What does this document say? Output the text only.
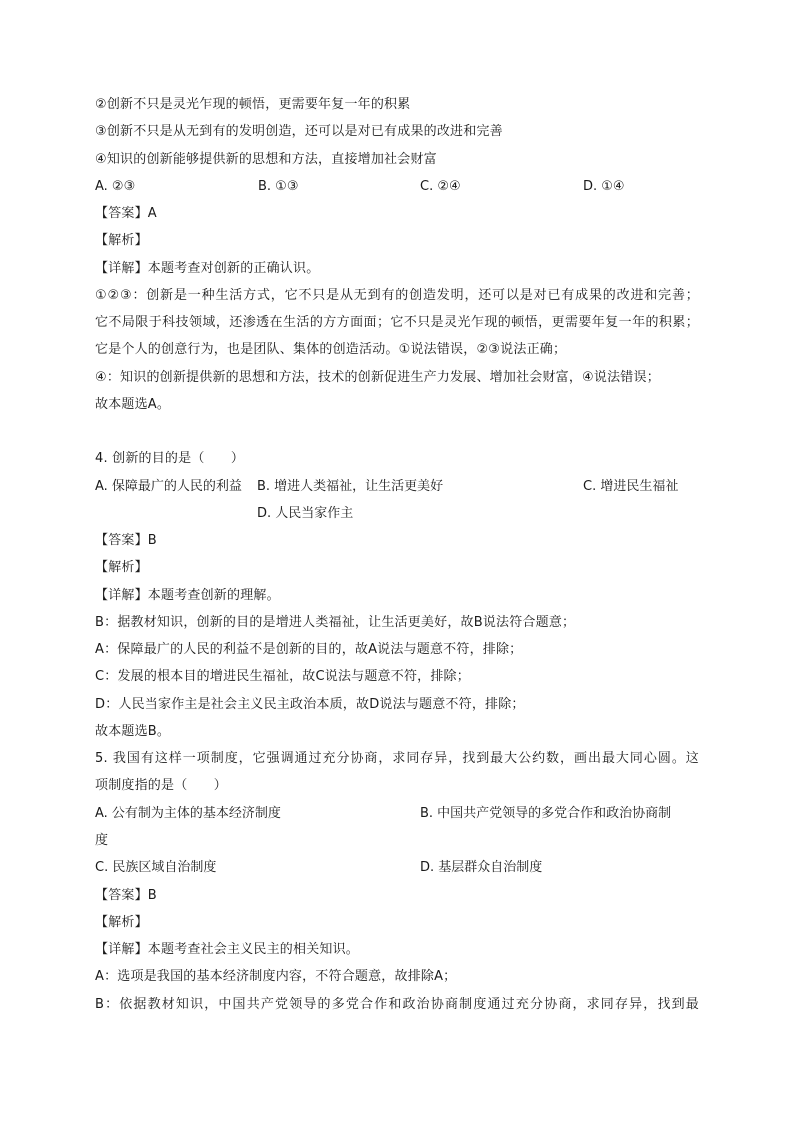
②创新不只是灵光乍现的顿悟，更需要年复一年的积累
③创新不只是从无到有的发明创造，还可以是对已有成果的改进和完善
④知识的创新能够提供新的思想和方法，直接增加社会财富
A. ②③	B. ①③	C. ②④	D. ①④
【答案】A
【解析】
【详解】本题考查对创新的正确认识。
①②③：创新是一种生活方式，它不只是从无到有的创造发明，还可以是对已有成果的改进和完善；
它不局限于科技领域，还渗透在生活的方方面面；它不只是灵光乍现的顿悟，更需要年复一年的积累；
它是个人的创意行为，也是团队、集体的创造活动。①说法错误，②③说法正确；
④：知识的创新提供新的思想和方法，技术的创新促进生产力发展、增加社会财富，④说法错误；
故本题选A。
4. 创新的目的是（　　）
A. 保障最广的人民的利益 B. 增进人类福祉，让生活更美好	C. 增进民生福祉
D. 人民当家作主
【答案】B
【解析】
【详解】本题考查创新的理解。
B：据教材知识，创新的目的是增进人类福祉，让生活更美好，故B说法符合题意；
A：保障最广的人民的利益不是创新的目的，故A说法与题意不符，排除；
C：发展的根本目的增进民生福祉，故C说法与题意不符，排除；
D：人民当家作主是社会主义民主政治本质，故D说法与题意不符，排除；
故本题选B。
5. 我国有这样一项制度，它强调通过充分协商，求同存异，找到最大公约数，画出最大同心圆。这
项制度指的是（　　）
A. 公有制为主体的基本经济制度	B. 中国共产党领导的多党合作和政治协商制
度
C. 民族区域自治制度	D. 基层群众自治制度
【答案】B
【解析】
【详解】本题考查社会主义民主的相关知识。
A：选项是我国的基本经济制度内容，不符合题意，故排除A；
B：依据教材知识，中国共产党领导的多党合作和政治协商制度通过充分协商，求同存异，找到最
